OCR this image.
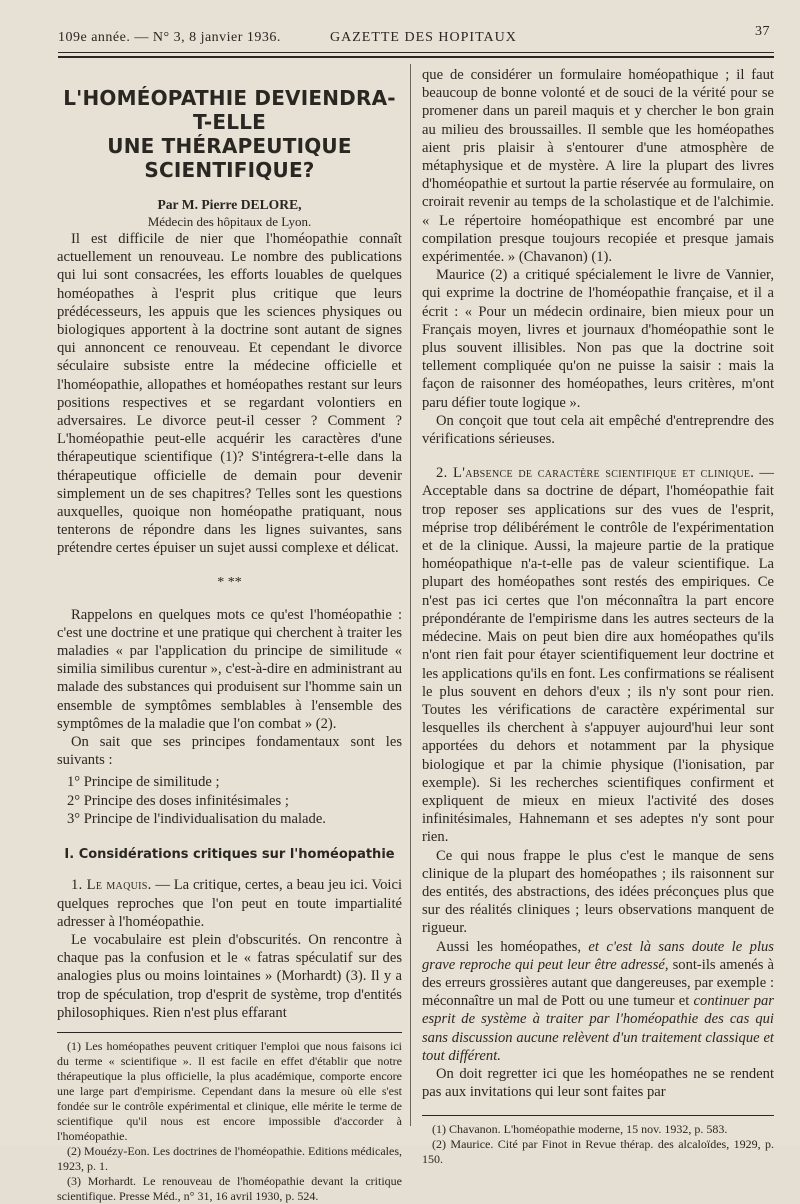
109e année. — N° 3, 8 janvier 1936.	GAZETTE DES HOPITAUX	37
L'HOMÉOPATHIE DEVIENDRA-T-ELLE
UNE THÉRAPEUTIQUE SCIENTIFIQUE?

Par M. Pierre DELORE,

Médecin des hôpitaux de Lyon.

Il est difficile de nier que l'homéopathie connaît actuellement un renouveau. Le nombre des publications qui lui sont consacrées, les efforts louables de quelques homéopathes à l'esprit plus critique que leurs prédécesseurs, les appuis que les sciences physiques ou biologiques apportent à la doctrine sont autant de signes qui annoncent ce renouveau. Et cependant le divorce séculaire subsiste entre la médecine officielle et l'homéopathie, allopathes et homéopathes restant sur leurs positions respectives et se regardant volontiers en adversaires. Le divorce peut-il cesser ? Comment ? L'homéopathie peut-elle acquérir les caractères d'une thérapeutique scientifique (1)? S'intégrera-t-elle dans la thérapeutique officielle de demain pour devenir simplement un de ses chapitres? Telles sont les questions auxquelles, quoique non homéopathe pratiquant, nous tenterons de répondre dans les lignes suivantes, sans prétendre certes épuiser un sujet aussi complexe et délicat.

* **

Rappelons en quelques mots ce qu'est l'homéopathie : c'est une doctrine et une pratique qui cherchent à traiter les maladies « par l'application du principe de similitude « similia similibus curentur », c'est-à-dire en administrant au malade des substances qui produisent sur l'homme sain un ensemble de symptômes semblables à l'ensemble des symptômes de la maladie que l'on combat » (2).

On sait que ses principes fondamentaux sont les suivants :

1° Principe de similitude ;
2° Principe des doses infinitésimales ;
3° Principe de l'individualisation du malade.
I. Considérations critiques sur l'homéopathie

1. Le maquis. — La critique, certes, a beau jeu ici. Voici quelques reproches que l'on peut en toute impartialité adresser à l'homéopathie.

Le vocabulaire est plein d'obscurités. On rencontre à chaque pas la confusion et le « fatras spéculatif sur des analogies plus ou moins lointaines » (Morhardt) (3). Il y a trop de spéculation, trop d'esprit de système, trop d'entités philosophiques. Rien n'est plus effarant

(1) Les homéopathes peuvent critiquer l'emploi que nous faisons ici du terme « scientifique ». Il est facile en effet d'établir que notre thérapeutique la plus officielle, la plus académique, comporte encore une large part d'empirisme. Cependant dans la mesure où elle s'est fondée sur le contrôle expérimental et clinique, elle mérite le terme de scientifique qu'il nous est encore impossible d'accorder à l'homéopathie.

(2) Mouézy-Eon. Les doctrines de l'homéopathie. Editions médicales, 1923, p. 1.

(3) Morhardt. Le renouveau de l'homéopathie devant la critique scientifique. Presse Méd., n° 31, 16 avril 1930, p. 524.

que de considérer un formulaire homéopathique ; il faut beaucoup de bonne volonté et de souci de la vérité pour se promener dans un pareil maquis et y chercher le bon grain au milieu des broussailles. Il semble que les homéopathes aient pris plaisir à s'entourer d'une atmosphère de métaphysique et de mystère. A lire la plupart des livres d'homéopathie et surtout la partie réservée au formulaire, on croirait revenir au temps de la scholastique et de l'alchimie. « Le répertoire homéopathique est encombré par une compilation presque toujours recopiée et presque jamais expérimentée. » (Chavanon) (1).

Maurice (2) a critiqué spécialement le livre de Vannier, qui exprime la doctrine de l'homéopathie française, et il a écrit : « Pour un médecin ordinaire, bien mieux pour un Français moyen, livres et journaux d'homéopathie sont le plus souvent illisibles. Non pas que la doctrine soit tellement compliquée qu'on ne puisse la saisir : mais la façon de raisonner des homéopathes, leurs critères, m'ont paru défier toute logique ».

On conçoit que tout cela ait empêché d'entreprendre des vérifications sérieuses.

2. L'absence de caractère scientifique et clinique. — Acceptable dans sa doctrine de départ, l'homéopathie fait trop reposer ses applications sur des vues de l'esprit, méprise trop délibérément le contrôle de l'expérimentation et de la clinique. Aussi, la majeure partie de la pratique homéopathique n'a-t-elle pas de valeur scientifique. La plupart des homéopathes sont restés des empiriques. Ce n'est pas ici certes que l'on méconnaîtra la part encore prépondérante de l'empirisme dans les autres secteurs de la médecine. Mais on peut bien dire aux homéopathes qu'ils n'ont rien fait pour étayer scientifiquement leur doctrine et les applications qu'ils en font. Les confirmations se réalisent le plus souvent en dehors d'eux ; ils n'y sont pour rien. Toutes les vérifications de caractère expérimental sur lesquelles ils cherchent à s'appuyer aujourd'hui leur sont apportées du dehors et notamment par la physique biologique et par la chimie physique (l'ionisation, par exemple). Si les recherches scientifiques confirment et expliquent de mieux en mieux l'activité des doses infinitésimales, Hahnemann et ses adeptes n'y sont pour rien.

Ce qui nous frappe le plus c'est le manque de sens clinique de la plupart des homéopathes ; ils raisonnent sur des entités, des abstractions, des idées préconçues plus que sur des réalités cliniques ; leurs observations manquent de rigueur.

Aussi les homéopathes, et c'est là sans doute le plus grave reproche qui peut leur être adressé, sont-ils amenés à des erreurs grossières autant que dangereuses, par exemple : méconnaître un mal de Pott ou une tumeur et continuer par esprit de système à traiter par l'homéopathie des cas qui sans discussion aucune relèvent d'un traitement classique et tout différent.

On doit regretter ici que les homéopathes ne se rendent pas aux invitations qui leur sont faites par

(1) Chavanon. L'homéopathie moderne, 15 nov. 1932, p. 583.

(2) Maurice. Cité par Finot in Revue thérap. des alcaloïdes, 1929, p. 150.
